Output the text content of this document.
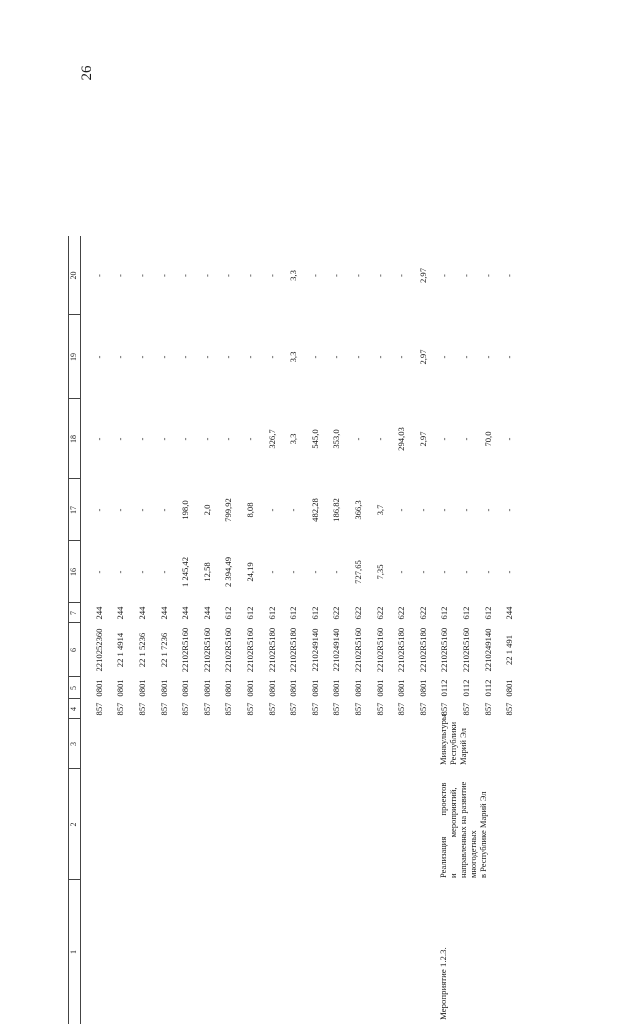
26
1
2
3
4
5
6
7
16
17
18
19
20
Мероприятие 1.2.3.
Реализация          проектов и                 мероприятий, направленных на развитие многодетных в Республике Марий Эл
Минкультуры Республики Марий Эл
857
0801
2210252360
244
-
-
-
-
-
857
0801
22 1 4914
244
-
-
-
-
-
857
0801
22 1 5236
244
-
-
-
-
-
857
0801
22 1 7236
244
-
-
-
-
-
857
0801
22102R5160
244
1 245,42
198,0
-
-
-
857
0801
22102R5160
244
12,58
2,0
-
-
-
857
0801
22102R5160
612
2 394,49
799,92
-
-
-
857
0801
22102R5160
612
24,19
8,08
-
-
-
857
0801
22102R5180
612
-
-
326,7
-
-
857
0801
22102R5180
612
-
-
3,3
3,3
3,3
857
0801
2210249140
612
-
482,28
545,0
-
-
857
0801
2210249140
622
-
186,82
353,0
-
-
857
0801
22102R5160
622
727,65
366,3
-
-
-
857
0801
22102R5160
622
7,35
3,7
-
-
-
857
0801
22102R5180
622
-
-
294,03
-
-
857
0801
22102R5180
622
-
-
2,97
2,97
2,97
857
0112
22102R5160
612
-
-
-
-
-
857
0112
22102R5160
612
-
-
-
-
-
857
0112
2210249140
612
-
-
70,0
-
-
857
0801
22 1 491
244
-
-
-
-
-
